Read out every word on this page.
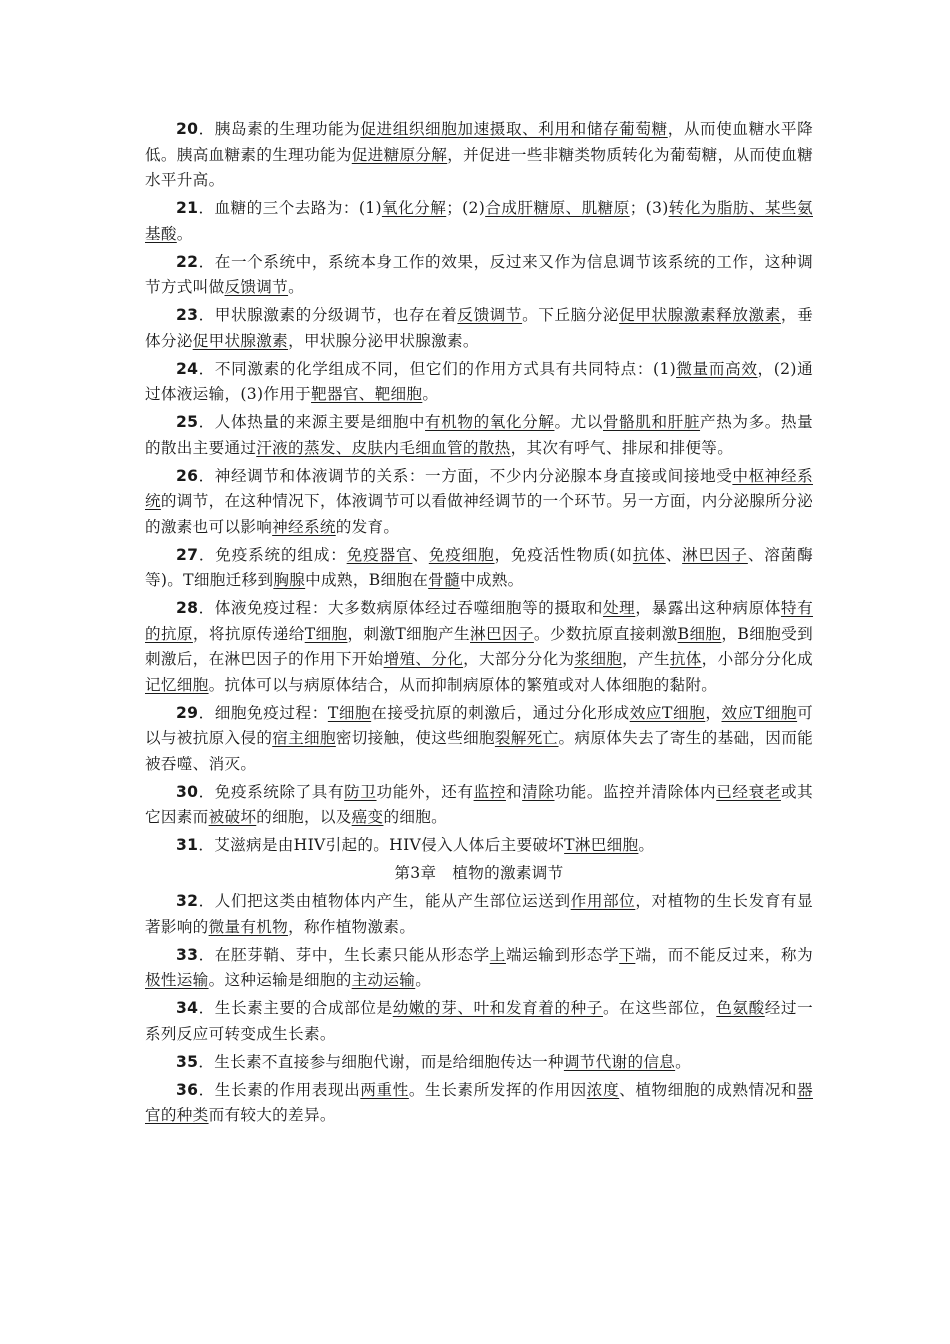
20．胰岛素的生理功能为促进组织细胞加速摄取、利用和储存葡萄糖，从而使血糖水平降低。胰高血糖素的生理功能为促进糖原分解，并促进一些非糖类物质转化为葡萄糖，从而使血糖水平升高。

21．血糖的三个去路为：(1)氧化分解；(2)合成肝糖原、肌糖原；(3)转化为脂肪、某些氨基酸。

22．在一个系统中，系统本身工作的效果，反过来又作为信息调节该系统的工作，这种调节方式叫做反馈调节。

23．甲状腺激素的分级调节，也存在着反馈调节。下丘脑分泌促甲状腺激素释放激素，垂体分泌促甲状腺激素，甲状腺分泌甲状腺激素。

24．不同激素的化学组成不同，但它们的作用方式具有共同特点：(1)微量而高效，(2)通过体液运输，(3)作用于靶器官、靶细胞。

25．人体热量的来源主要是细胞中有机物的氧化分解。尤以骨骼肌和肝脏产热为多。热量的散出主要通过汗液的蒸发、皮肤内毛细血管的散热，其次有呼气、排尿和排便等。

26．神经调节和体液调节的关系：一方面，不少内分泌腺本身直接或间接地受中枢神经系统的调节，在这种情况下，体液调节可以看做神经调节的一个环节。另一方面，内分泌腺所分泌的激素也可以影响神经系统的发育。

27．免疫系统的组成：免疫器官、免疫细胞，免疫活性物质(如抗体、淋巴因子、溶菌酶等)。T细胞迁移到胸腺中成熟，B细胞在骨髓中成熟。

28．体液免疫过程：大多数病原体经过吞噬细胞等的摄取和处理，暴露出这种病原体特有的抗原，将抗原传递给T细胞，刺激T细胞产生淋巴因子。少数抗原直接刺激B细胞，B细胞受到刺激后，在淋巴因子的作用下开始增殖、分化，大部分分化为浆细胞，产生抗体，小部分分化成记忆细胞。抗体可以与病原体结合，从而抑制病原体的繁殖或对人体细胞的黏附。

29．细胞免疫过程：T细胞在接受抗原的刺激后，通过分化形成效应T细胞，效应T细胞可以与被抗原入侵的宿主细胞密切接触，使这些细胞裂解死亡。病原体失去了寄生的基础，因而能被吞噬、消灭。

30．免疫系统除了具有防卫功能外，还有监控和清除功能。监控并清除体内已经衰老或其它因素而被破坏的细胞，以及癌变的细胞。

31．艾滋病是由HIV引起的。HIV侵入人体后主要破坏T淋巴细胞。

第3章　植物的激素调节

32．人们把这类由植物体内产生，能从产生部位运送到作用部位，对植物的生长发育有显著影响的微量有机物，称作植物激素。

33．在胚芽鞘、芽中，生长素只能从形态学上端运输到形态学下端，而不能反过来，称为极性运输。这种运输是细胞的主动运输。

34．生长素主要的合成部位是幼嫩的芽、叶和发育着的种子。在这些部位，色氨酸经过一系列反应可转变成生长素。

35．生长素不直接参与细胞代谢，而是给细胞传达一种调节代谢的信息。

36．生长素的作用表现出两重性。生长素所发挥的作用因浓度、植物细胞的成熟情况和器官的种类而有较大的差异。
